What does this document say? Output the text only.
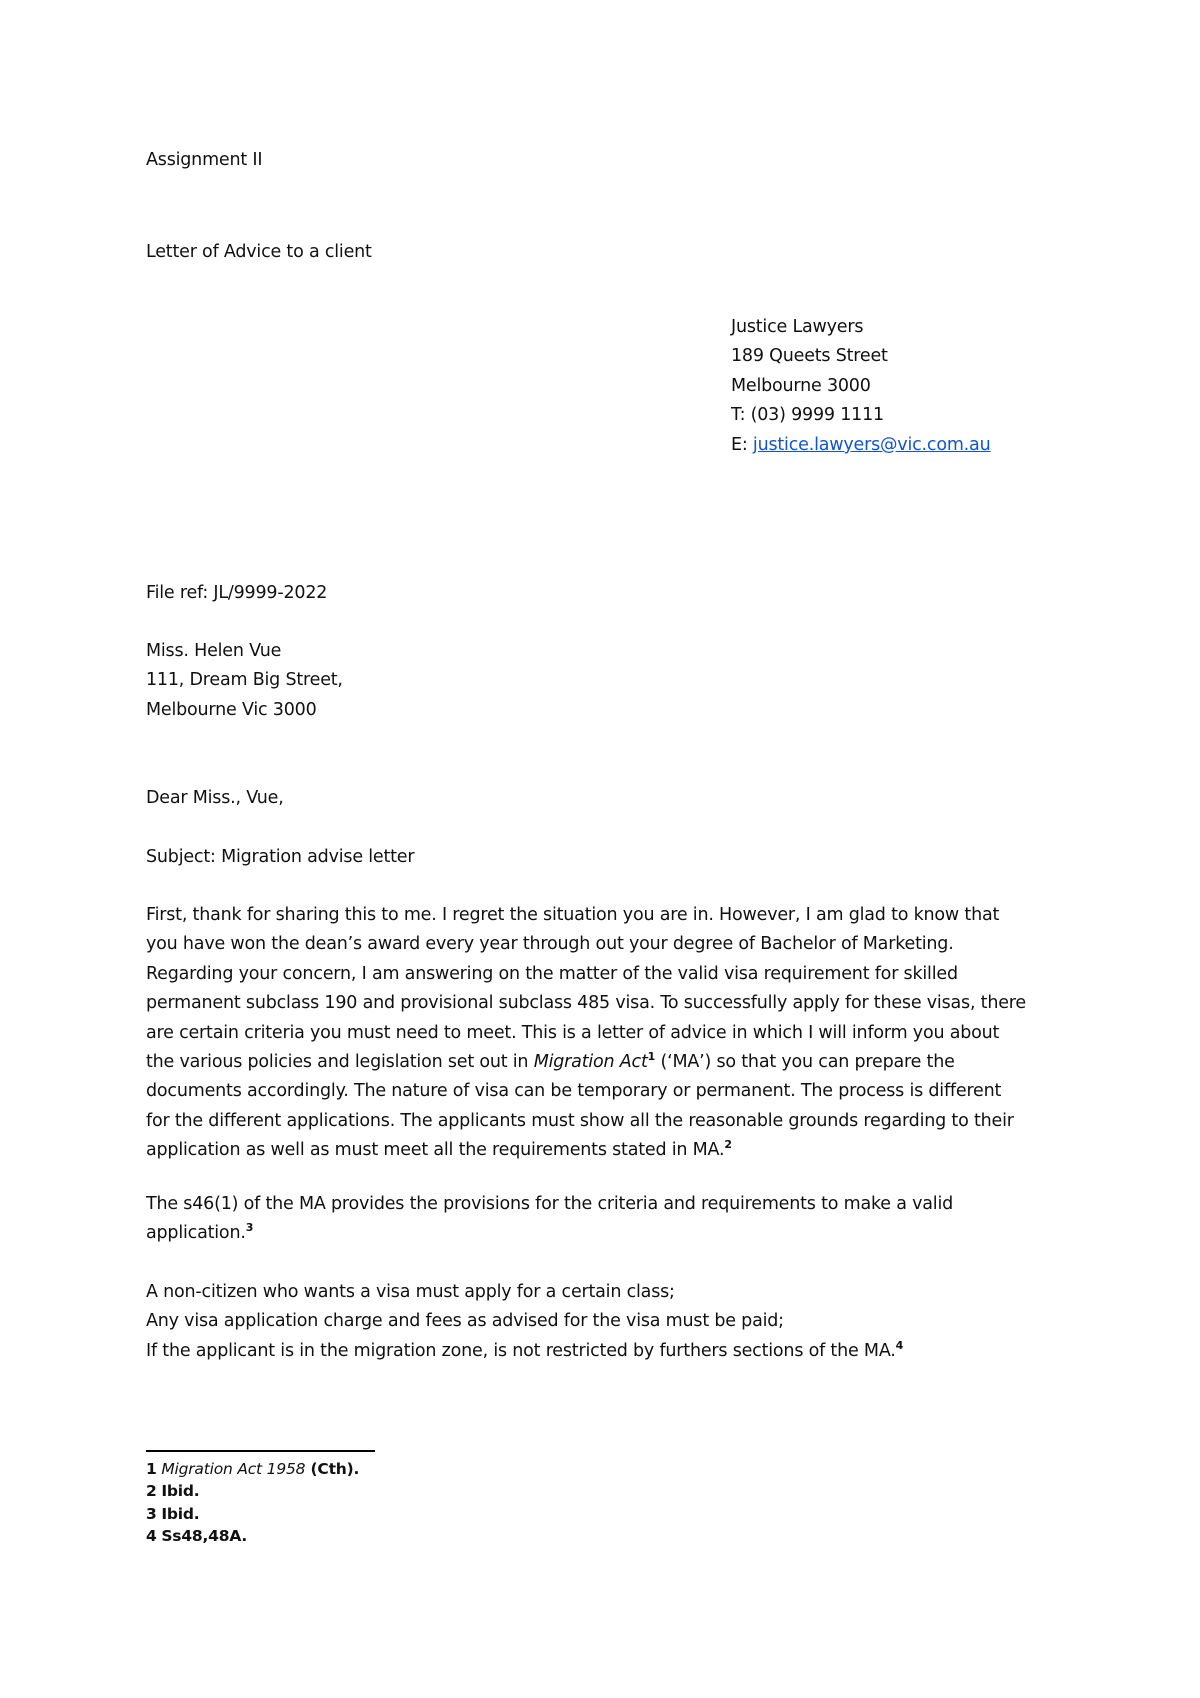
Assignment II
Letter of Advice to a client
Justice Lawyers
189 Queets Street
Melbourne 3000
T: (03) 9999 1111
E: justice.lawyers@vic.com.au
File ref: JL/9999-2022
Miss. Helen Vue
111, Dream Big Street,
Melbourne Vic 3000
Dear Miss., Vue,
Subject: Migration advise letter
First, thank for sharing this to me. I regret the situation you are in. However, I am glad to know that
you have won the dean’s award every year through out your degree of Bachelor of Marketing.
Regarding your concern, I am answering on the matter of the valid visa requirement for skilled
permanent subclass 190 and provisional subclass 485 visa. To successfully apply for these visas, there
are certain criteria you must need to meet. This is a letter of advice in which I will inform you about
the various policies and legislation set out in Migration Act$^1$ (‘MA’) so that you can prepare the
documents accordingly. The nature of visa can be temporary or permanent. The process is different
for the different applications. The applicants must show all the reasonable grounds regarding to their
application as well as must meet all the requirements stated in MA.$^2$
The s46(1) of the MA provides the provisions for the criteria and requirements to make a valid
application.$^3$
A non-citizen who wants a visa must apply for a certain class;
Any visa application charge and fees as advised for the visa must be paid;
If the applicant is in the migration zone, is not restricted by furthers sections of the MA.$^4$
1 Migration Act 1958 (Cth).
2 Ibid.
3 Ibid.
4 Ss48,48A.
